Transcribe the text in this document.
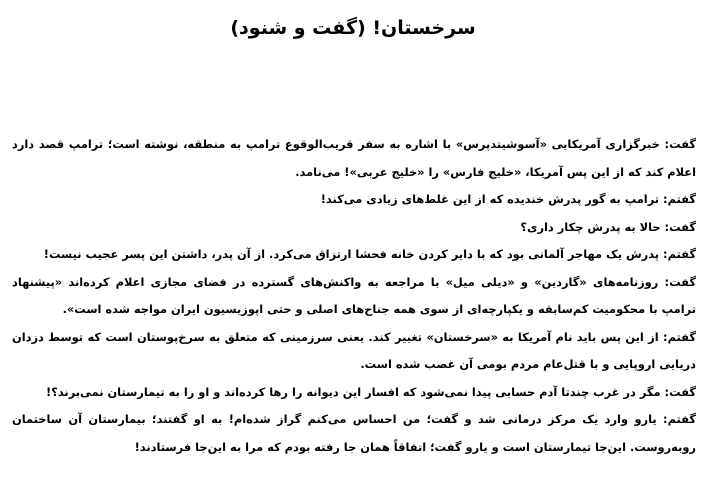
سرخستان! (گفت و شنود)

گفت: خبرگزاری آمریکایی «آسوشیتدپرس» با اشاره به سفر قریب‌الوقوع ترامپ به منطقه، نوشته است؛ ترامپ قصد دارد اعلام کند که از این پس آمریکا، «خلیج فارس» را «خلیج عربی»! می‌نامد.

گفتم: ترامپ به گور پدرش خندیده که از این غلط‌های زیادی می‌کند!

گفت: حالا به پدرش چکار داری؟

گفتم: پدرش یک مهاجر آلمانی بود که با دایر کردن خانه فحشا ارتزاق می‌کرد. از آن پدر، داشتن این پسر عجیب نیست!

گفت: روزنامه‌های «گاردین» و «دیلی میل» با مراجعه به واکنش‌های گسترده در فضای مجازی اعلام کرده‌اند «پیشنهاد ترامپ با محکومیت کم‌سابقه و یکپارچه‌ای از سوی همه جناح‌های اصلی و حتی اپوزیسیون ایران مواجه شده است».

گفتم: از این پس باید نام آمریکا به «سرخستان» تغییر کند. یعنی سرزمینی که متعلق به سرخ‌پوستان است که توسط دزدان دریایی اروپایی و با قتل‌عام مردم بومی آن غصب شده است.

گفت: مگر در غرب چندتا آدم حسابی پیدا نمی‌شود که افسار این دیوانه را رها کرده‌اند و او را به تیمارستان نمی‌برند؟!

گفتم: یارو وارد یک مرکز درمانی شد و گفت؛ من احساس می‌کنم گراز شده‌ام! به او گفتند؛ بیمارستان آن ساختمان روبه‌روست. این‌جا تیمارستان است و یارو گفت؛ اتفاقاً همان جا رفته بودم که مرا به این‌جا فرستادند!
